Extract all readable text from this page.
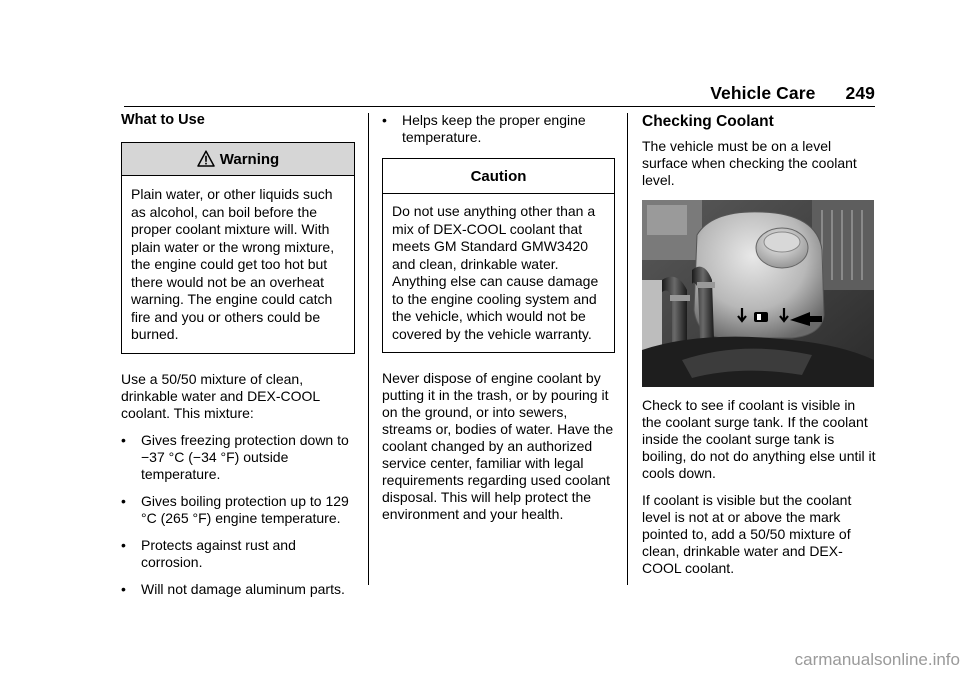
Vehicle Care 249
What to Use
Warning
Plain water, or other liquids such as alcohol, can boil before the proper coolant mixture will. With plain water or the wrong mixture, the engine could get too hot but there would not be an overheat warning. The engine could catch fire and you or others could be burned.

Use a 50/50 mixture of clean, drinkable water and DEX-COOL coolant. This mixture:

•	Gives freezing protection down to −37 °C (−34 °F) outside temperature.
•	Gives boiling protection up to 129 °C (265 °F) engine temperature.
•	Protects against rust and corrosion.
•	Will not damage aluminum parts.
•	Helps keep the proper engine temperature.
Caution
Do not use anything other than a mix of DEX-COOL coolant that meets GM Standard GMW3420 and clean, drinkable water. Anything else can cause damage to the engine cooling system and the vehicle, which would not be covered by the vehicle warranty.

Never dispose of engine coolant by putting it in the trash, or by pouring it on the ground, or into sewers, streams or, bodies of water. Have the coolant changed by an authorized service center, familiar with legal requirements regarding used coolant disposal. This will help protect the environment and your health.

Checking Coolant

The vehicle must be on a level surface when checking the coolant level.

Check to see if coolant is visible in the coolant surge tank. If the coolant inside the coolant surge tank is boiling, do not do anything else until it cools down.

If coolant is visible but the coolant level is not at or above the mark pointed to, add a 50/50 mixture of clean, drinkable water and DEX-COOL coolant.

carmanualsonline.info
